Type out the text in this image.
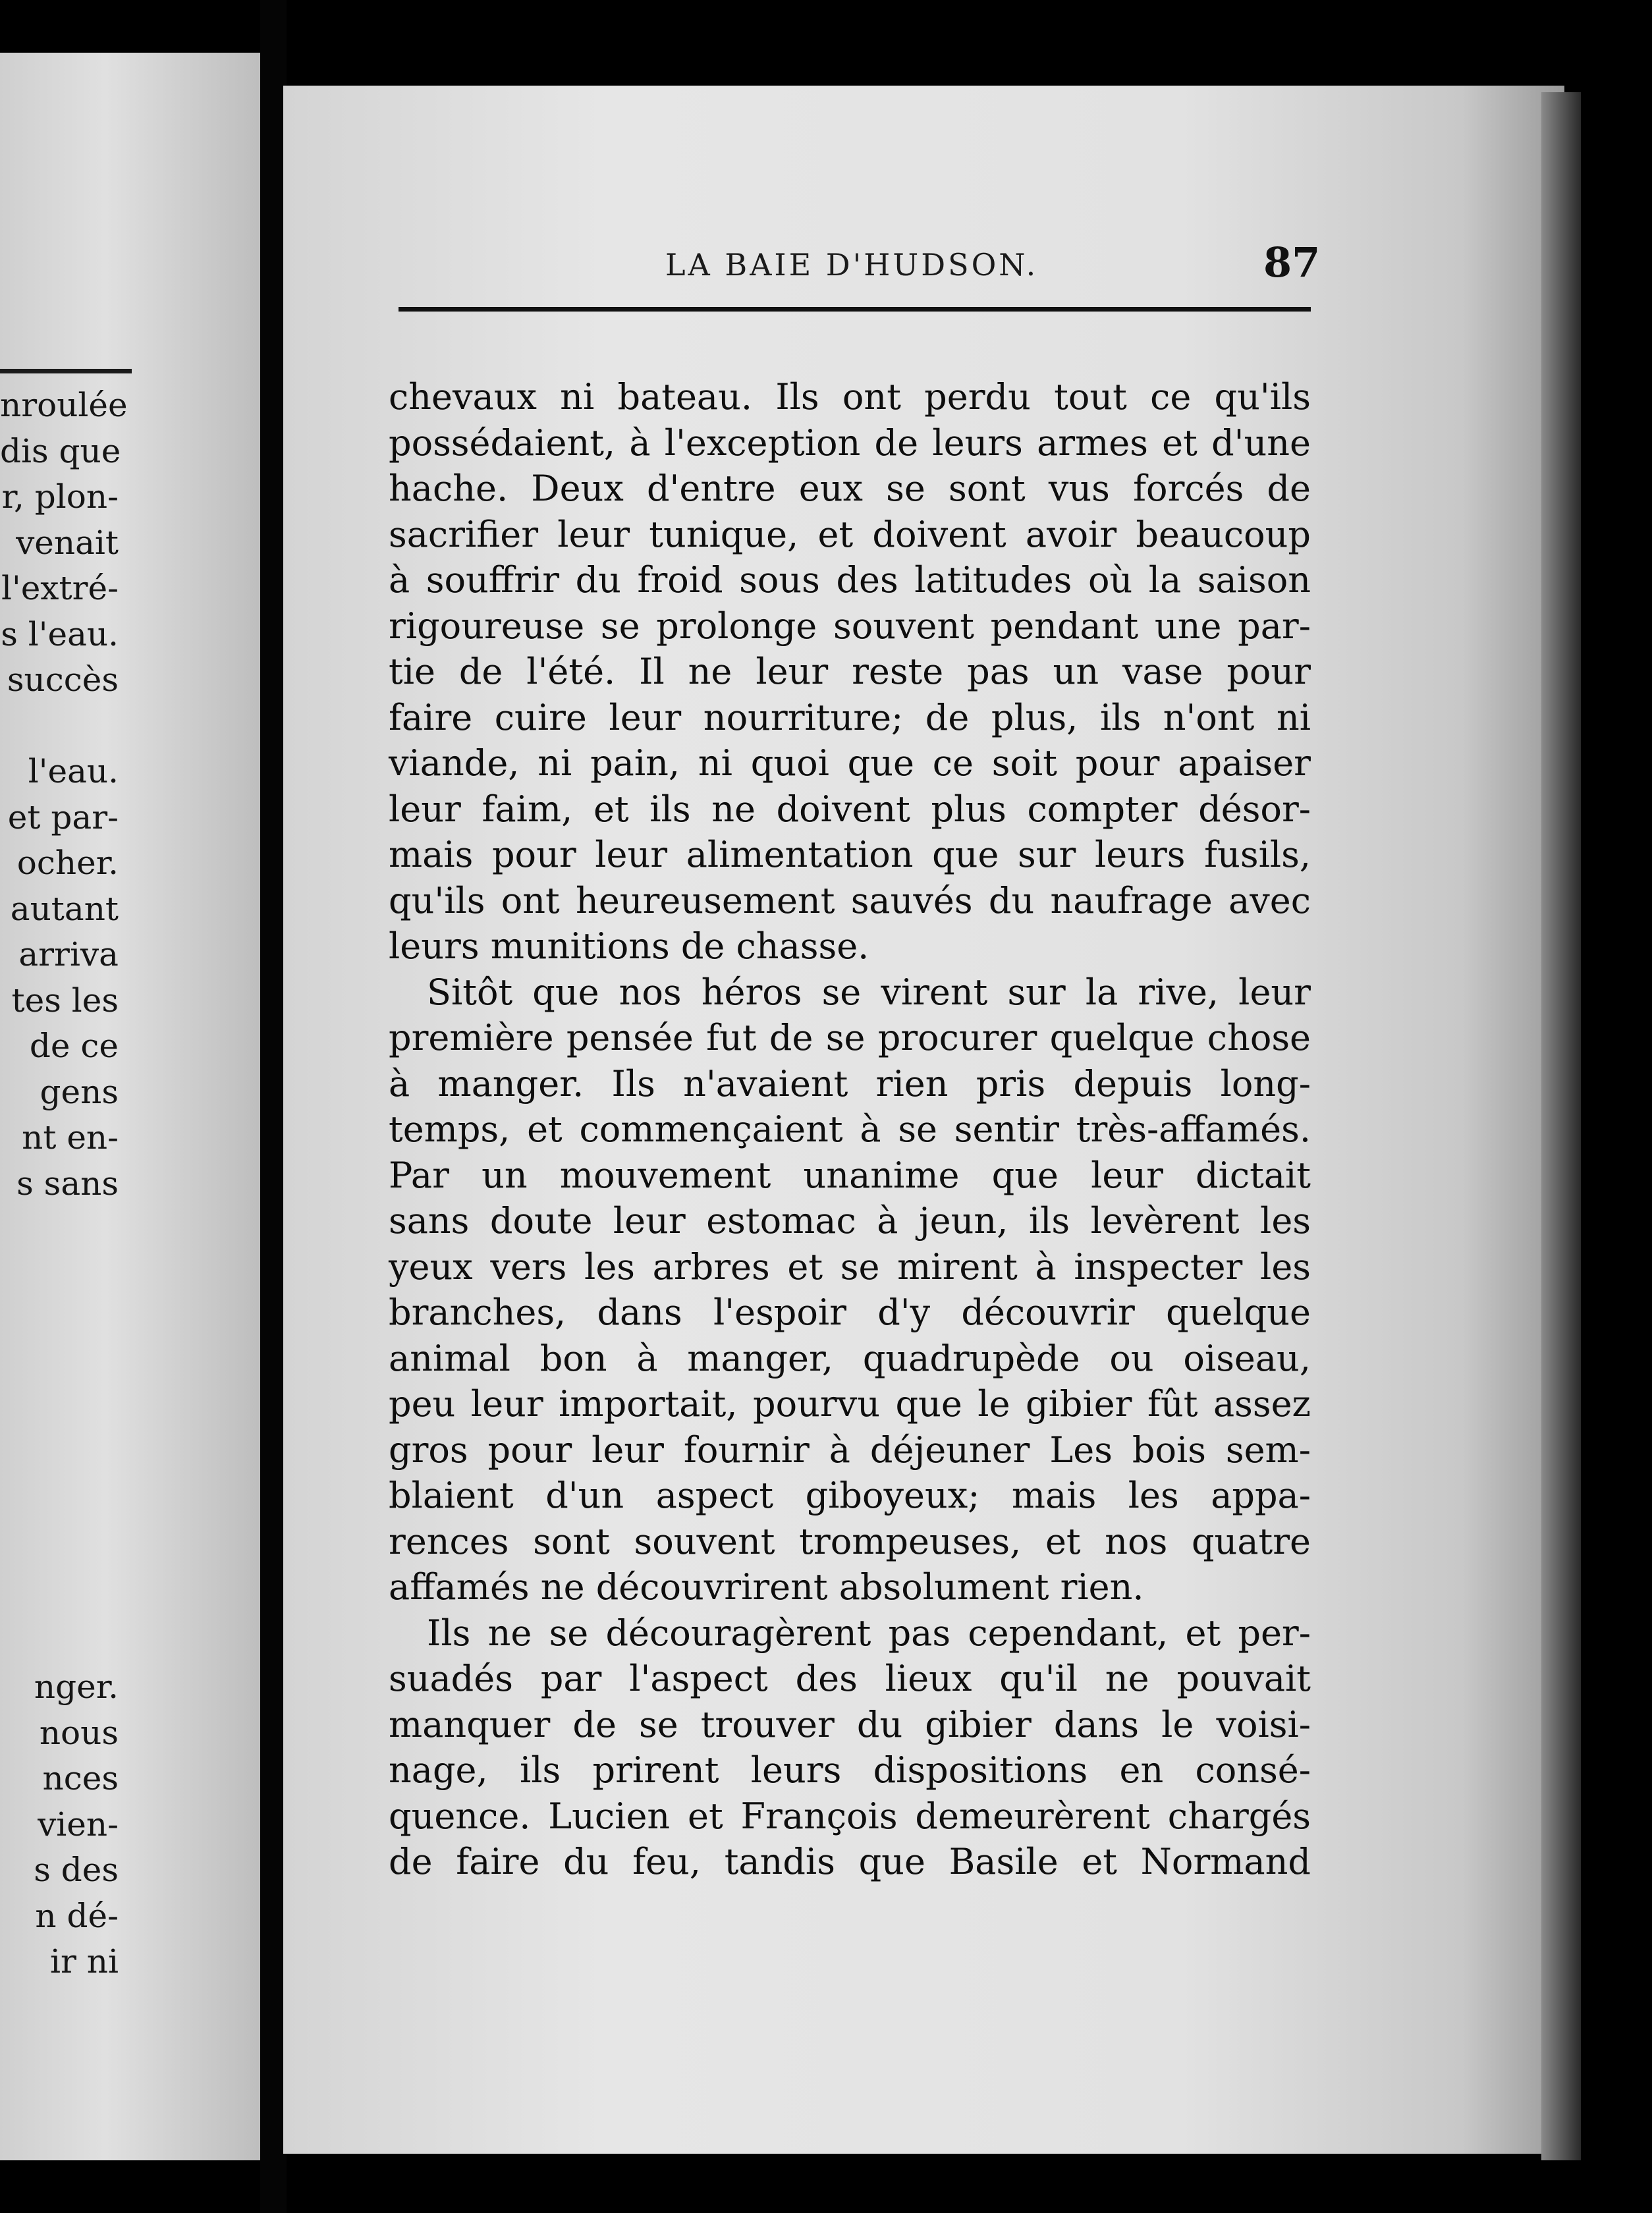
nroulée
dis que
r, plon-
venait
l'extré-
s l'eau.
succès
l'eau.
et par-
ocher.
autant
arriva
tes les
de ce
gens
nt en-
s sans
nger.
nous
nces
vien-
s des
n dé-
ir ni
LA BAIE D'HUDSON.	87
chevaux ni bateau. Ils ont perdu tout ce qu'ils
possédaient, à l'exception de leurs armes et d'une
hache. Deux d'entre eux se sont vus forcés de
sacrifier leur tunique, et doivent avoir beaucoup
à souffrir du froid sous des latitudes où la saison
rigoureuse se prolonge souvent pendant une par-
tie de l'été. Il ne leur reste pas un vase pour
faire cuire leur nourriture; de plus, ils n'ont ni
viande, ni pain, ni quoi que ce soit pour apaiser
leur faim, et ils ne doivent plus compter désor-
mais pour leur alimentation que sur leurs fusils,
qu'ils ont heureusement sauvés du naufrage avec
leurs munitions de chasse.
Sitôt que nos héros se virent sur la rive, leur
première pensée fut de se procurer quelque chose
à manger. Ils n'avaient rien pris depuis long-
temps, et commençaient à se sentir très-affamés.
Par un mouvement unanime que leur dictait
sans doute leur estomac à jeun, ils levèrent les
yeux vers les arbres et se mirent à inspecter les
branches, dans l'espoir d'y découvrir quelque
animal bon à manger, quadrupède ou oiseau,
peu leur importait, pourvu que le gibier fût assez
gros pour leur fournir à déjeuner Les bois sem-
blaient d'un aspect giboyeux; mais les appa-
rences sont souvent trompeuses, et nos quatre
affamés ne découvrirent absolument rien.
Ils ne se découragèrent pas cependant, et per-
suadés par l'aspect des lieux qu'il ne pouvait
manquer de se trouver du gibier dans le voisi-
nage, ils prirent leurs dispositions en consé-
quence. Lucien et François demeurèrent chargés
de faire du feu, tandis que Basile et Normand
